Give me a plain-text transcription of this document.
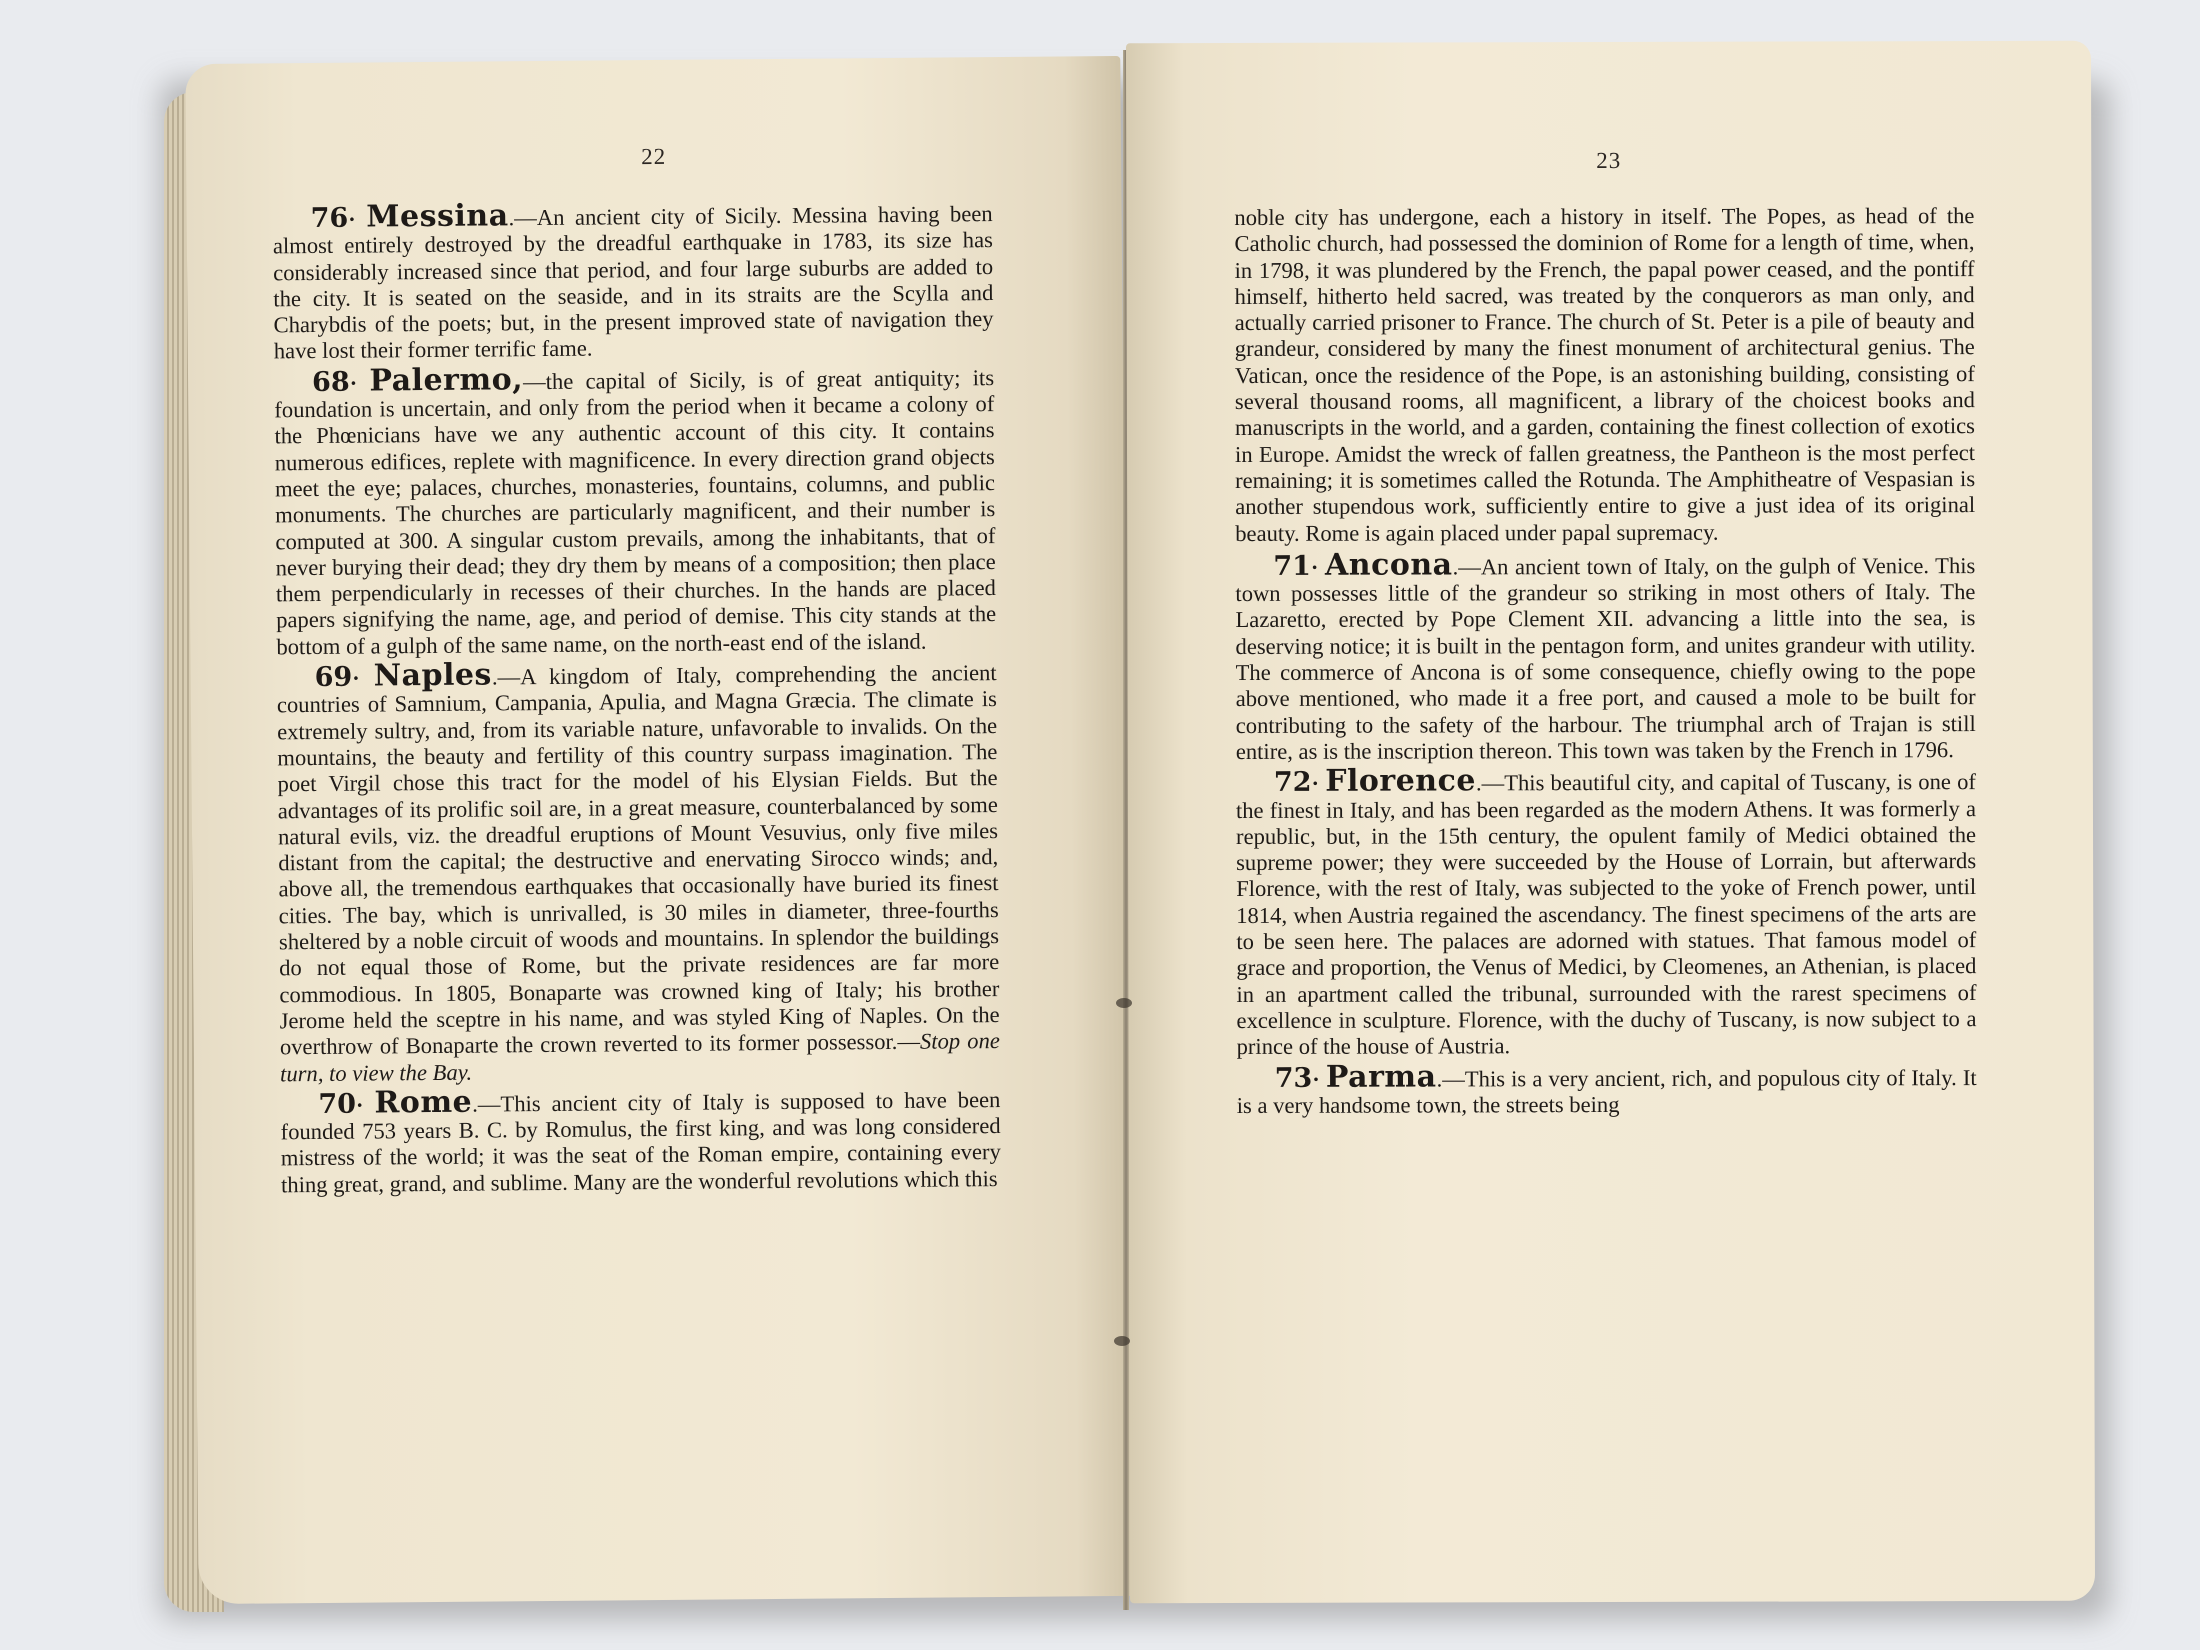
22

76· Messina.—An ancient city of Sicily. Messina having been almost entirely destroyed by the dreadful earthquake in 1783, its size has considerably increased since that period, and four large suburbs are added to the city. It is seated on the seaside, and in its straits are the Scylla and Charybdis of the poets; but, in the present improved state of navigation they have lost their former terrific fame.

68· Palermo,—the capital of Sicily, is of great antiquity; its foundation is uncertain, and only from the period when it became a colony of the Phœnicians have we any authentic account of this city. It contains numerous edifices, replete with magnificence. In every direction grand objects meet the eye; palaces, churches, monasteries, fountains, columns, and public monuments. The churches are particularly magnificent, and their number is computed at 300. A singular custom prevails, among the inhabitants, that of never burying their dead; they dry them by means of a composition; then place them perpendicularly in recesses of their churches. In the hands are placed papers signifying the name, age, and period of demise. This city stands at the bottom of a gulph of the same name, on the north-east end of the island.

69· Naples.—A kingdom of Italy, comprehending the ancient countries of Samnium, Campania, Apulia, and Magna Græcia. The climate is extremely sultry, and, from its variable nature, unfavorable to invalids. On the mountains, the beauty and fertility of this country surpass imagination. The poet Virgil chose this tract for the model of his Elysian Fields. But the advantages of its prolific soil are, in a great measure, counterbalanced by some natural evils, viz. the dreadful eruptions of Mount Vesuvius, only five miles distant from the capital; the destructive and enervating Sirocco winds; and, above all, the tremendous earthquakes that occasionally have buried its finest cities. The bay, which is unrivalled, is 30 miles in diameter, three-fourths sheltered by a noble circuit of woods and mountains. In splendor the buildings do not equal those of Rome, but the private residences are far more commodious. In 1805, Bonaparte was crowned king of Italy; his brother Jerome held the sceptre in his name, and was styled King of Naples. On the overthrow of Bonaparte the crown reverted to its former possessor.—Stop one turn, to view the Bay.

70· Rome.—This ancient city of Italy is supposed to have been founded 753 years B. C. by Romulus, the first king, and was long considered mistress of the world; it was the seat of the Roman empire, containing every thing great, grand, and sublime. Many are the wonderful revolutions which this

23

noble city has undergone, each a history in itself. The Popes, as head of the Catholic church, had possessed the dominion of Rome for a length of time, when, in 1798, it was plundered by the French, the papal power ceased, and the pontiff himself, hitherto held sacred, was treated by the conquerors as man only, and actually carried prisoner to France. The church of St. Peter is a pile of beauty and grandeur, considered by many the finest monument of architectural genius. The Vatican, once the residence of the Pope, is an astonishing building, consisting of several thousand rooms, all magnificent, a library of the choicest books and manuscripts in the world, and a garden, containing the finest collection of exotics in Europe. Amidst the wreck of fallen greatness, the Pantheon is the most perfect remaining; it is sometimes called the Rotunda. The Amphitheatre of Vespasian is another stupendous work, sufficiently entire to give a just idea of its original beauty. Rome is again placed under papal supremacy.

71· Ancona.—An ancient town of Italy, on the gulph of Venice. This town possesses little of the grandeur so striking in most others of Italy. The Lazaretto, erected by Pope Clement XII. advancing a little into the sea, is deserving notice; it is built in the pentagon form, and unites grandeur with utility. The commerce of Ancona is of some consequence, chiefly owing to the pope above mentioned, who made it a free port, and caused a mole to be built for contributing to the safety of the harbour. The triumphal arch of Trajan is still entire, as is the inscription thereon. This town was taken by the French in 1796.

72· Florence.—This beautiful city, and capital of Tuscany, is one of the finest in Italy, and has been regarded as the modern Athens. It was formerly a republic, but, in the 15th century, the opulent family of Medici obtained the supreme power; they were succeeded by the House of Lorrain, but afterwards Florence, with the rest of Italy, was subjected to the yoke of French power, until 1814, when Austria regained the ascendancy. The finest specimens of the arts are to be seen here. The palaces are adorned with statues. That famous model of grace and proportion, the Venus of Medici, by Cleomenes, an Athenian, is placed in an apartment called the tribunal, surrounded with the rarest specimens of excellence in sculpture. Florence, with the duchy of Tuscany, is now subject to a prince of the house of Austria.

73· Parma.—This is a very ancient, rich, and populous city of Italy. It is a very handsome town, the streets being
